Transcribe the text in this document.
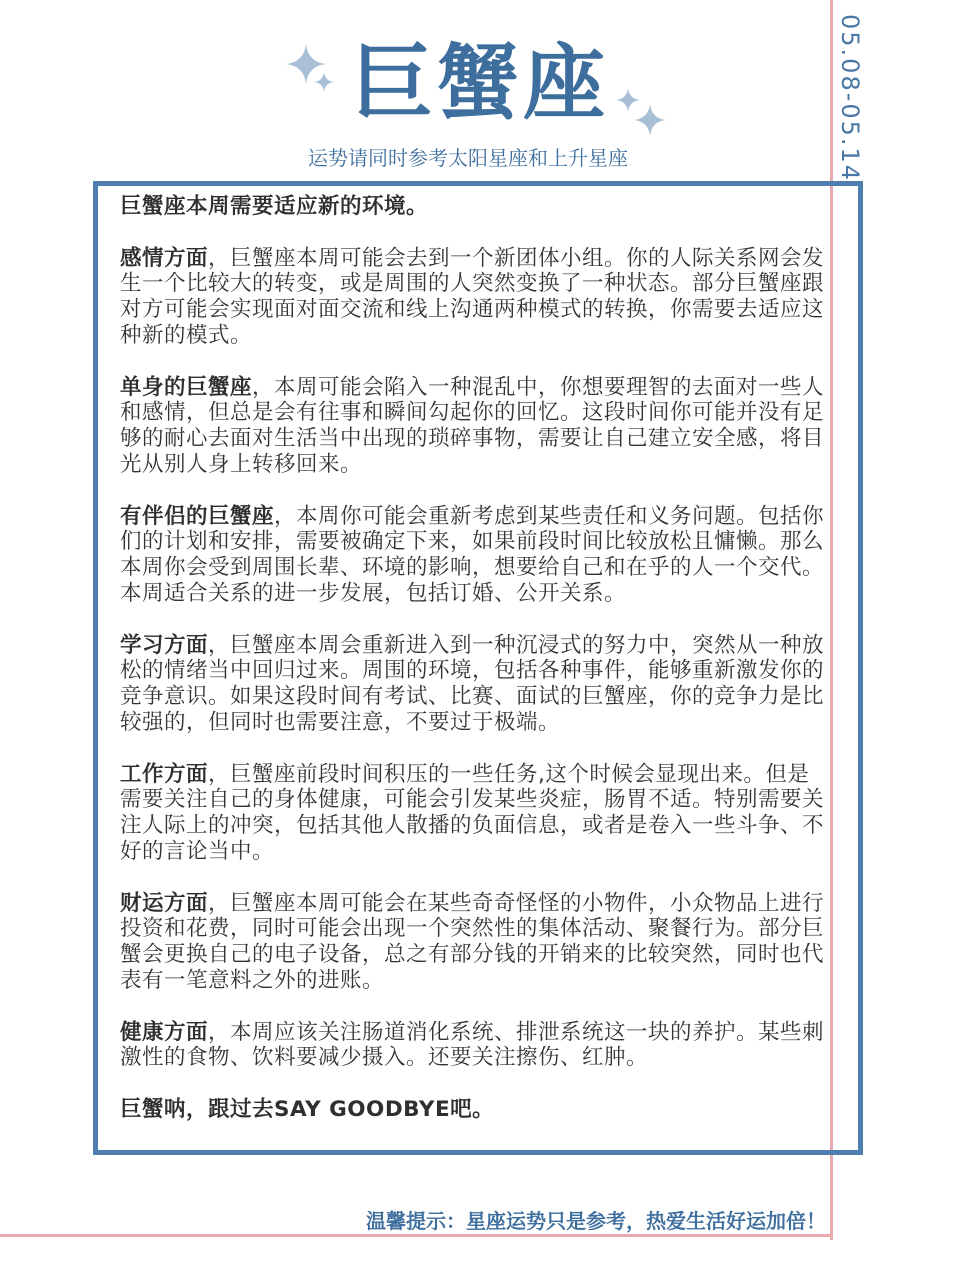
05.08-05.14
巨蟹座
运势请同时参考太阳星座和上升星座

巨蟹座本周需要适应新的环境。

感情方面，巨蟹座本周可能会去到一个新团体小组。你的人际关系网会发生一个比较大的转变，或是周围的人突然变换了一种状态。部分巨蟹座跟对方可能会实现面对面交流和线上沟通两种模式的转换，你需要去适应这种新的模式。

单身的巨蟹座，本周可能会陷入一种混乱中，你想要理智的去面对一些人和感情，但总是会有往事和瞬间勾起你的回忆。这段时间你可能并没有足够的耐心去面对生活当中出现的琐碎事物，需要让自己建立安全感，将目光从别人身上转移回来。

有伴侣的巨蟹座，本周你可能会重新考虑到某些责任和义务问题。包括你们的计划和安排，需要被确定下来，如果前段时间比较放松且慵懒。那么本周你会受到周围长辈、环境的影响，想要给自己和在乎的人一个交代。本周适合关系的进一步发展，包括订婚、公开关系。

学习方面，巨蟹座本周会重新进入到一种沉浸式的努力中，突然从一种放松的情绪当中回归过来。周围的环境，包括各种事件，能够重新激发你的竞争意识。如果这段时间有考试、比赛、面试的巨蟹座，你的竞争力是比较强的，但同时也需要注意，不要过于极端。

工作方面，巨蟹座前段时间积压的一些任务,这个时候会显现出来。但是需要关注自己的身体健康，可能会引发某些炎症，肠胃不适。特别需要关注人际上的冲突，包括其他人散播的负面信息，或者是卷入一些斗争、不好的言论当中。

财运方面，巨蟹座本周可能会在某些奇奇怪怪的小物件，小众物品上进行投资和花费，同时可能会出现一个突然性的集体活动、聚餐行为。部分巨蟹会更换自己的电子设备，总之有部分钱的开销来的比较突然，同时也代表有一笔意料之外的进账。

健康方面，本周应该关注肠道消化系统、排泄系统这一块的养护。某些刺激性的食物、饮料要减少摄入。还要关注擦伤、红肿。

巨蟹呐，跟过去SAY GOODBYE吧。

温馨提示：星座运势只是参考，热爱生活好运加倍！
